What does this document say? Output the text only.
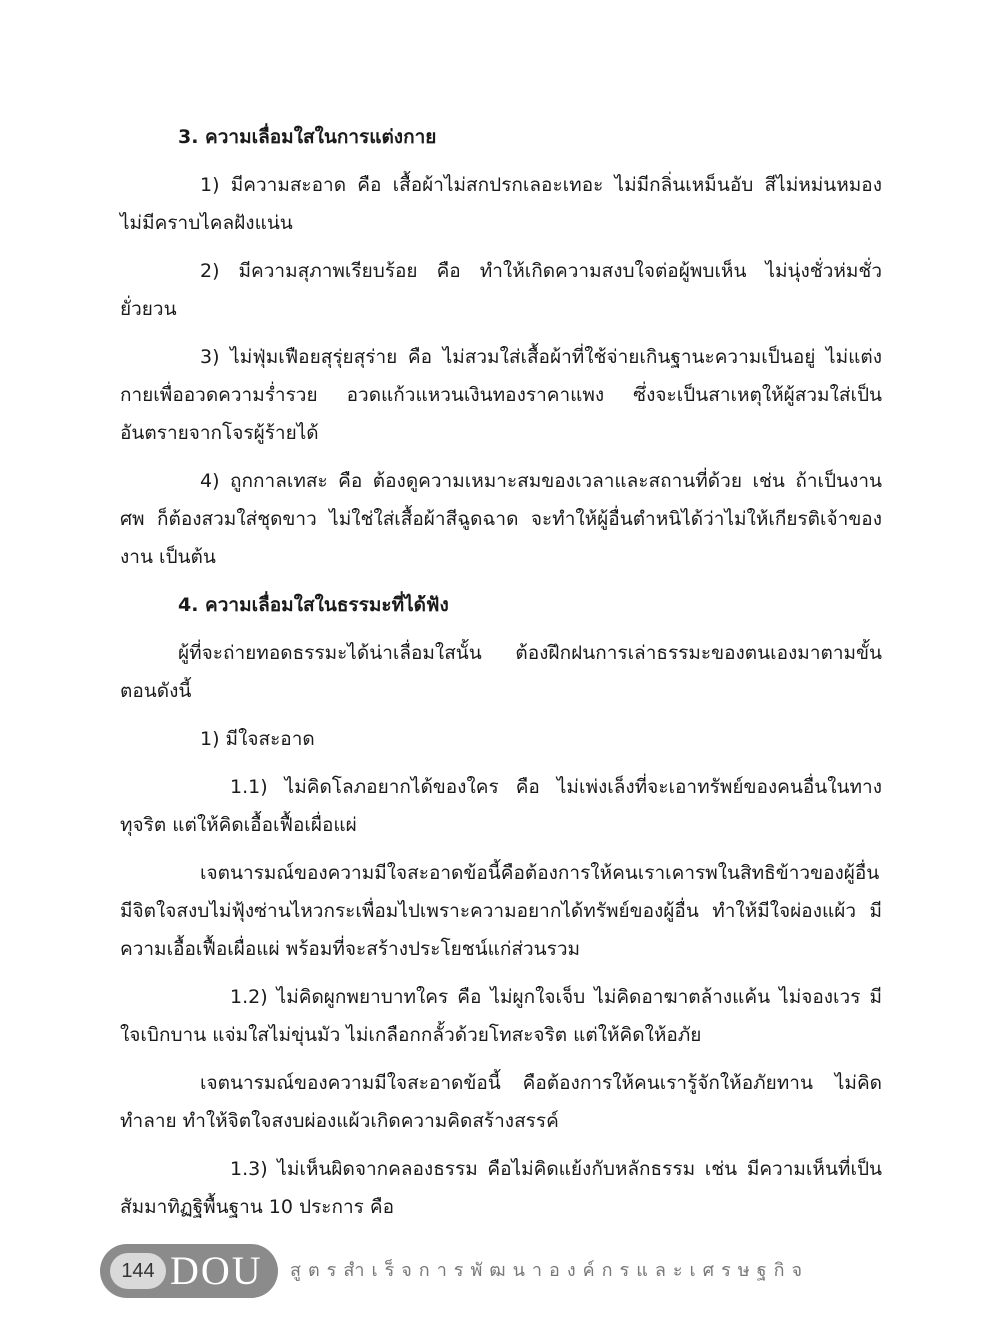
3. ความเลื่อมใสในการแต่งกาย

1) มีความสะอาด คือ เสื้อผ้าไม่สกปรกเลอะเทอะ ไม่มีกลิ่นเหม็นอับ สีไม่หม่นหมอง ไม่มีคราบไคลฝังแน่น

2) มีความสุภาพเรียบร้อย คือ ทำให้เกิดความสงบใจต่อผู้พบเห็น ไม่นุ่งชั่วห่มชั่ว ยั่วยวน

3) ไม่ฟุ่มเฟือยสุรุ่ยสุร่าย คือ ไม่สวมใส่เสื้อผ้าที่ใช้จ่ายเกินฐานะความเป็นอยู่ ไม่แต่งกายเพื่ออวดความร่ำรวย อวดแก้วแหวนเงินทองราคาแพง ซึ่งจะเป็นสาเหตุให้ผู้สวมใส่เป็นอันตรายจากโจรผู้ร้ายได้

4) ถูกกาลเทสะ คือ ต้องดูความเหมาะสมของเวลาและสถานที่ด้วย เช่น ถ้าเป็นงานศพ ก็ต้องสวมใส่ชุดขาว ไม่ใช่ใส่เสื้อผ้าสีฉูดฉาด จะทำให้ผู้อื่นตำหนิได้ว่าไม่ให้เกียรติเจ้าของงาน เป็นต้น

4. ความเลื่อมใสในธรรมะที่ได้ฟัง

ผู้ที่จะถ่ายทอดธรรมะได้น่าเลื่อมใสนั้น ต้องฝึกฝนการเล่าธรรมะของตนเองมาตามขั้นตอนดังนี้

1) มีใจสะอาด

1.1) ไม่คิดโลภอยากได้ของใคร คือ ไม่เพ่งเล็งที่จะเอาทรัพย์ของคนอื่นในทางทุจริต แต่ให้คิดเอื้อเฟื้อเผื่อแผ่

เจตนารมณ์ของความมีใจสะอาดข้อนี้คือต้องการให้คนเราเคารพในสิทธิข้าวของผู้อื่น มีจิตใจสงบไม่ฟุ้งซ่านไหวกระเพื่อมไปเพราะความอยากได้ทรัพย์ของผู้อื่น ทำให้มีใจผ่องแผ้ว มีความเอื้อเฟื้อเผื่อแผ่ พร้อมที่จะสร้างประโยชน์แก่ส่วนรวม

1.2) ไม่คิดผูกพยาบาทใคร คือ ไม่ผูกใจเจ็บ ไม่คิดอาฆาตล้างแค้น ไม่จองเวร มีใจเบิกบาน แจ่มใสไม่ขุ่นมัว ไม่เกลือกกลั้วด้วยโทสะจริต แต่ให้คิดให้อภัย

เจตนารมณ์ของความมีใจสะอาดข้อนี้ คือต้องการให้คนเรารู้จักให้อภัยทาน ไม่คิดทำลาย ทำให้จิตใจสงบผ่องแผ้วเกิดความคิดสร้างสรรค์

1.3) ไม่เห็นผิดจากคลองธรรม คือไม่คิดแย้งกับหลักธรรม เช่น มีความเห็นที่เป็นสัมมาทิฏฐิพื้นฐาน 10 ประการ คือ

144 DOU สูตรสำเร็จการพัฒนาองค์กรและเศรษฐกิจ
